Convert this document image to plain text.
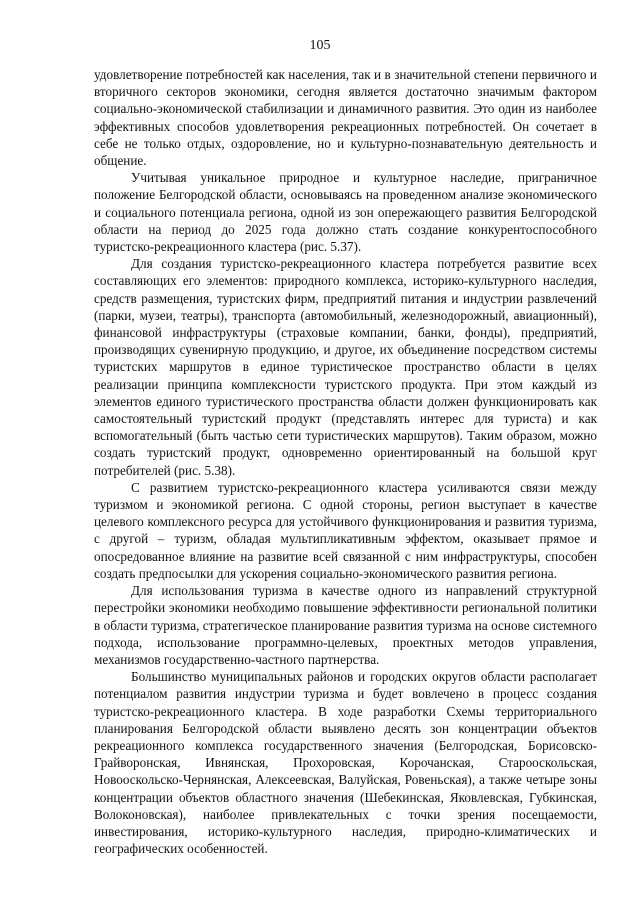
105

удовлетворение потребностей как населения, так и в значительной степени первичного и вторичного секторов экономики, сегодня является достаточно значимым фактором социально-экономической стабилизации и динамичного развития. Это один из наиболее эффективных способов удовлетворения рекреационных потребностей. Он сочетает в себе не только отдых, оздоровление, но и культурно-познавательную деятельность и общение.

Учитывая уникальное природное и культурное наследие, приграничное положение Белгородской области, основываясь на проведенном анализе экономического и социального потенциала региона, одной из зон опережающего развития Белгородской области на период до 2025 года должно стать создание конкурентоспособного туристско-рекреационного кластера (рис. 5.37).

Для создания туристско-рекреационного кластера потребуется развитие всех составляющих его элементов: природного комплекса, историко-культурного наследия, средств размещения, туристских фирм, предприятий питания и индустрии развлечений (парки, музеи, театры), транспорта (автомобильный, железнодорожный, авиационный), финансовой инфраструктуры (страховые компании, банки, фонды), предприятий, производящих сувенирную продукцию, и другое, их объединение посредством системы туристских маршрутов в единое туристическое пространство области в целях реализации принципа комплексности туристского продукта. При этом каждый из элементов единого туристического пространства области должен функционировать как самостоятельный туристский продукт (представлять интерес для туриста) и как вспомогательный (быть частью сети туристических маршрутов). Таким образом, можно создать туристский продукт, одновременно ориентированный на большой круг потребителей (рис. 5.38).

С развитием туристско-рекреационного кластера усиливаются связи между туризмом и экономикой региона. С одной стороны, регион выступает в качестве целевого комплексного ресурса для устойчивого функционирования и развития туризма, с другой – туризм, обладая мультипликативным эффектом, оказывает прямое и опосредованное влияние на развитие всей связанной с ним инфраструктуры, способен создать предпосылки для ускорения социально-экономического развития региона.

Для использования туризма в качестве одного из направлений структурной перестройки экономики необходимо повышение эффективности региональной политики в области туризма, стратегическое планирование развития туризма на основе системного подхода, использование программно-целевых, проектных методов управления, механизмов государственно-частного партнерства.

Большинство муниципальных районов и городских округов области располагает потенциалом развития индустрии туризма и будет вовлечено в процесс создания туристско-рекреационного кластера. В ходе разработки Схемы территориального планирования Белгородской области выявлено десять зон концентрации объектов рекреационного комплекса государственного значения (Белгородская, Борисовско-Грайворонская, Ивнянская, Прохоровская, Корочанская, Старооскольская, Новооскольско-Чернянская, Алексеевская, Валуйская, Ровеньская), а также четыре зоны концентрации объектов областного значения (Шебекинская, Яковлевская, Губкинская, Волоконовская), наиболее привлекательных с точки зрения посещаемости, инвестирования, историко-культурного наследия, природно-климатических и географических особенностей.
